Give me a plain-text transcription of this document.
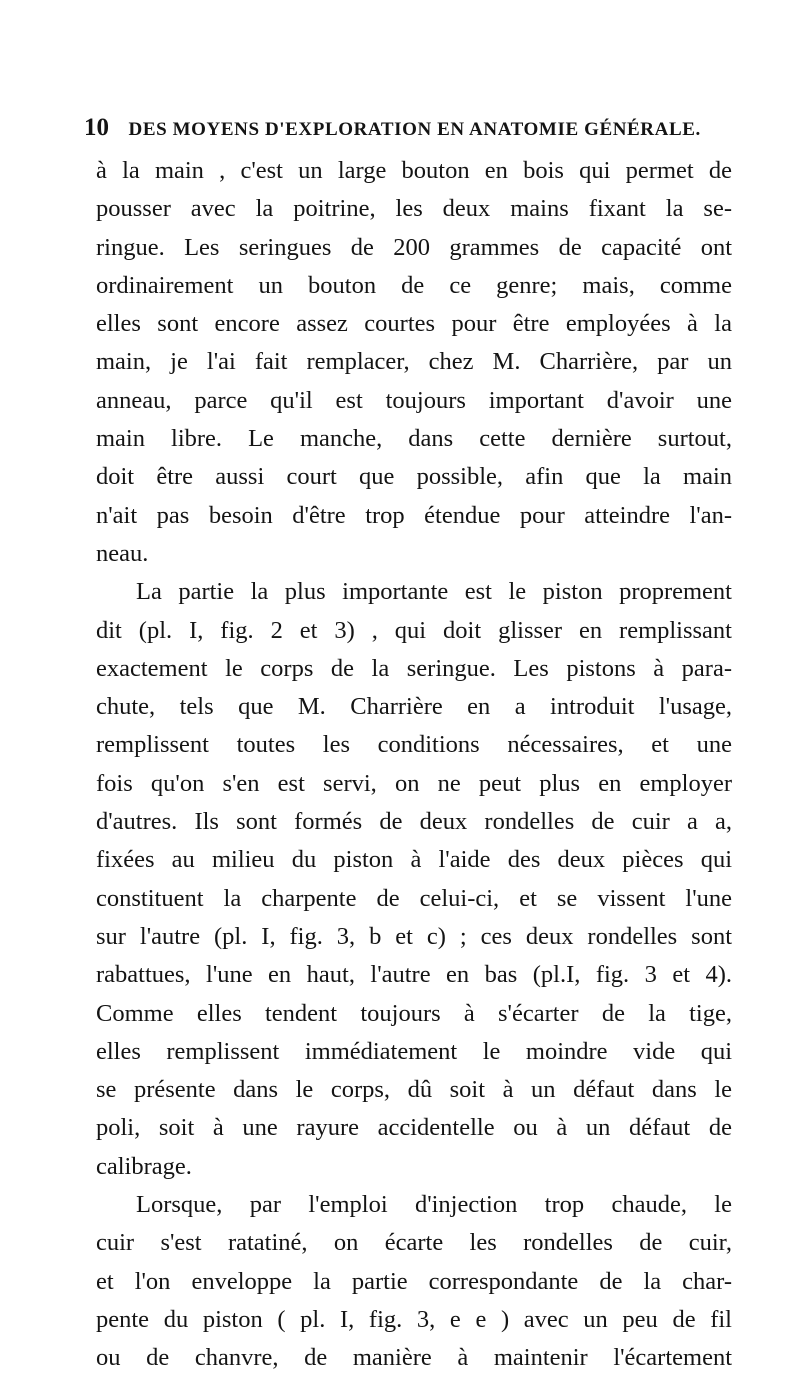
10 DES MOYENS D'EXPLORATION EN ANATOMIE GÉNÉRALE.
à la main , c'est un large bouton en bois qui permet de
pousser avec la poitrine, les deux mains fixant la se-
ringue. Les seringues de 200 grammes de capacité ont
ordinairement un bouton de ce genre; mais, comme
elles sont encore assez courtes pour être employées à la
main, je l'ai fait remplacer, chez M. Charrière, par un
anneau, parce qu'il est toujours important d'avoir une
main libre. Le manche, dans cette dernière surtout,
doit être aussi court que possible, afin que la main
n'ait pas besoin d'être trop étendue pour atteindre l'an-
neau.
La partie la plus importante est le piston proprement
dit (pl. I, fig. 2 et 3) , qui doit glisser en remplissant
exactement le corps de la seringue. Les pistons à para-
chute, tels que M. Charrière en a introduit l'usage,
remplissent toutes les conditions nécessaires, et une
fois qu'on s'en est servi, on ne peut plus en employer
d'autres. Ils sont formés de deux rondelles de cuir a a,
fixées au milieu du piston à l'aide des deux pièces qui
constituent la charpente de celui-ci, et se vissent l'une
sur l'autre (pl. I, fig. 3, b et c) ; ces deux rondelles sont
rabattues, l'une en haut, l'autre en bas (pl.I, fig. 3 et 4).
Comme elles tendent toujours à s'écarter de la tige,
elles remplissent immédiatement le moindre vide qui
se présente dans le corps, dû soit à un défaut dans le
poli, soit à une rayure accidentelle ou à un défaut de
calibrage.
Lorsque, par l'emploi d'injection trop chaude, le
cuir s'est ratatiné, on écarte les rondelles de cuir,
et l'on enveloppe la partie correspondante de la char-
pente du piston ( pl. I, fig. 3, e e ) avec un peu de fil
ou de chanvre, de manière à maintenir l'écartement
